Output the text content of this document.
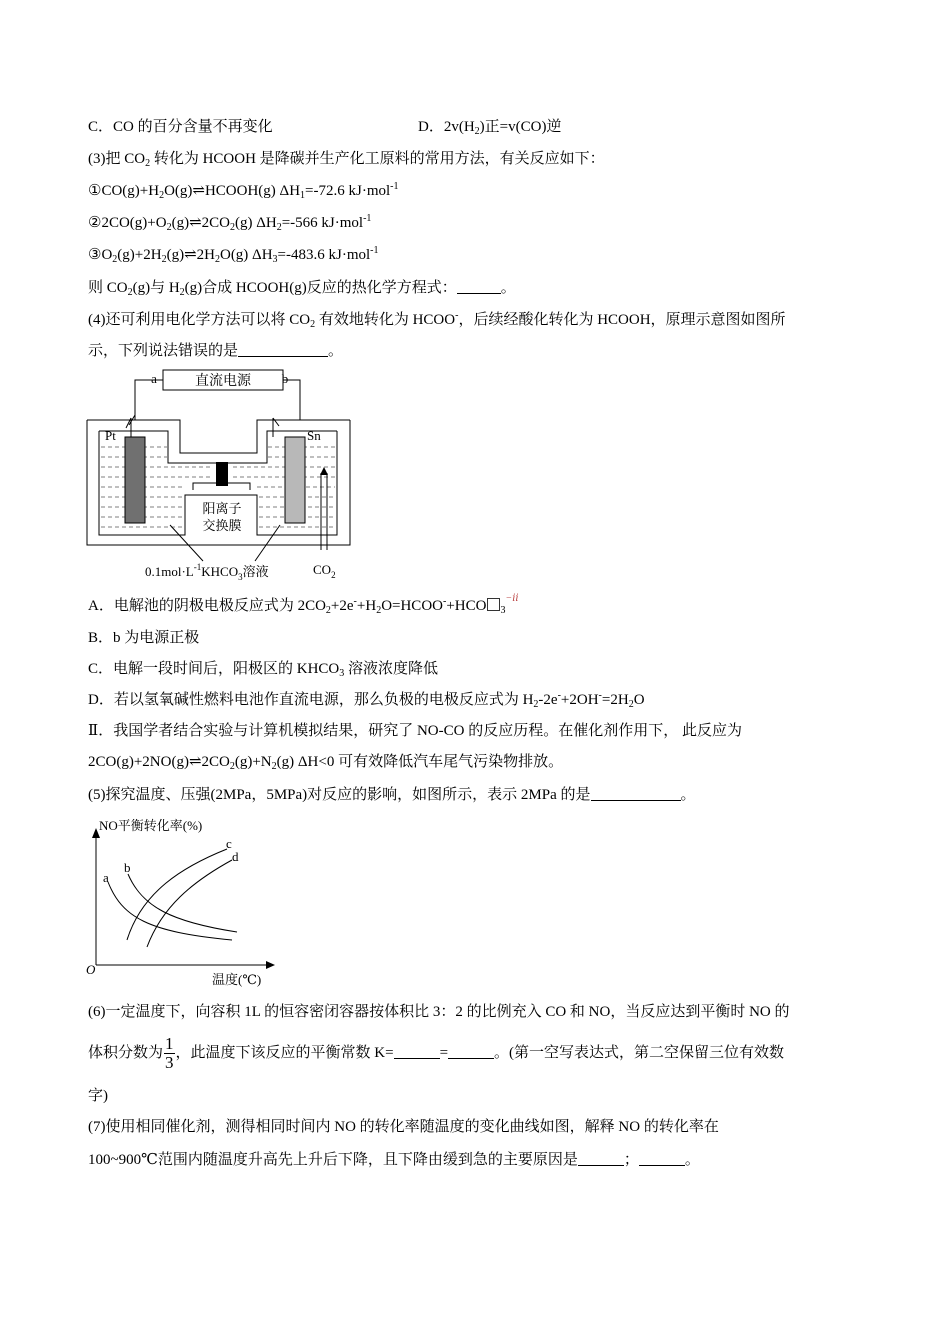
C．CO 的百分含量不再变化	D．$2v(H_2)$正=v(CO)逆
(3)把 $CO_2$ 转化为 HCOOH 是降碳并生产化工原料的常用方法，有关反应如下：
$①CO(g)+H_2O(g)\rightleftharpoons HCOOH(g)$ $\Delta H_1=-72.6$ kJ·mol$^{-1}$
$②2CO(g)+O_2(g)\rightleftharpoons 2CO_2(g)$ $\Delta H_2=-566$ kJ·mol$^{-1}$
$③O_2(g)+2H_2(g)\rightleftharpoons 2H_2O(g)$ $\Delta H_3=-483.6$ kJ·mol$^{-1}$
则 $CO_2(g)$与 $H_2(g)$合成 HCOOH(g)反应的热化学方程式：	。
(4)还可利用电化学方法可以将 $CO_2$ 有效地转化为 HCOO-，后续经酸化转化为 HCOOH，原理示意图如图所
示，下列说法错误的是	。
直流电源
a	b
Pt	Sn
阳离子
交换膜
$0.1mol\cdot L^{-1}KHCO_3$溶液	$CO_2$
A．电解池的阴极电极反应式为 $2CO_2+2e^-+H_2O=HCOO^-+HCO$ $_3^{-𝑖𝑖}$
B．b 为电源正极
C．电解一段时间后，阳极区的 $KHCO_3$ 溶液浓度降低
D．若以氢氧碱性燃料电池作直流电源，那么负极的电极反应式为 $H_2-2e^-+2OH^-=2H_2O$
Ⅱ．我国学者结合实验与计算机模拟结果，研究了 NO-CO 的反应历程。在催化剂作用下， 此反应为
$2CO(g)+2NO(g)\rightleftharpoons 2CO_2(g)+N_2(g)$ ΔH<0 可有效降低汽车尾气污染物排放。
(5)探究温度、压强(2MPa，5MPa)对反应的影响，如图所示，表示 2MPa 的是	。
NO平衡转化率(%)
O
温度(℃)
a
b
c
d
(6)一定温度下，向容积 1L 的恒容密闭容器按体积比 3：2 的比例充入 CO 和 NO，当反应达到平衡时 NO 的
体积分数为 $\frac{1}{3}$ ，此温度下该反应的平衡常数 K=	=	。(第一空写表达式，第二空保留三位有效数
字)
(7)使用相同催化剂，测得相同时间内 NO 的转化率随温度的变化曲线如图，解释 NO 的转化率在
100~900℃范围内随温度升高先上升后下降，且下降由缓到急的主要原因是	；	。
